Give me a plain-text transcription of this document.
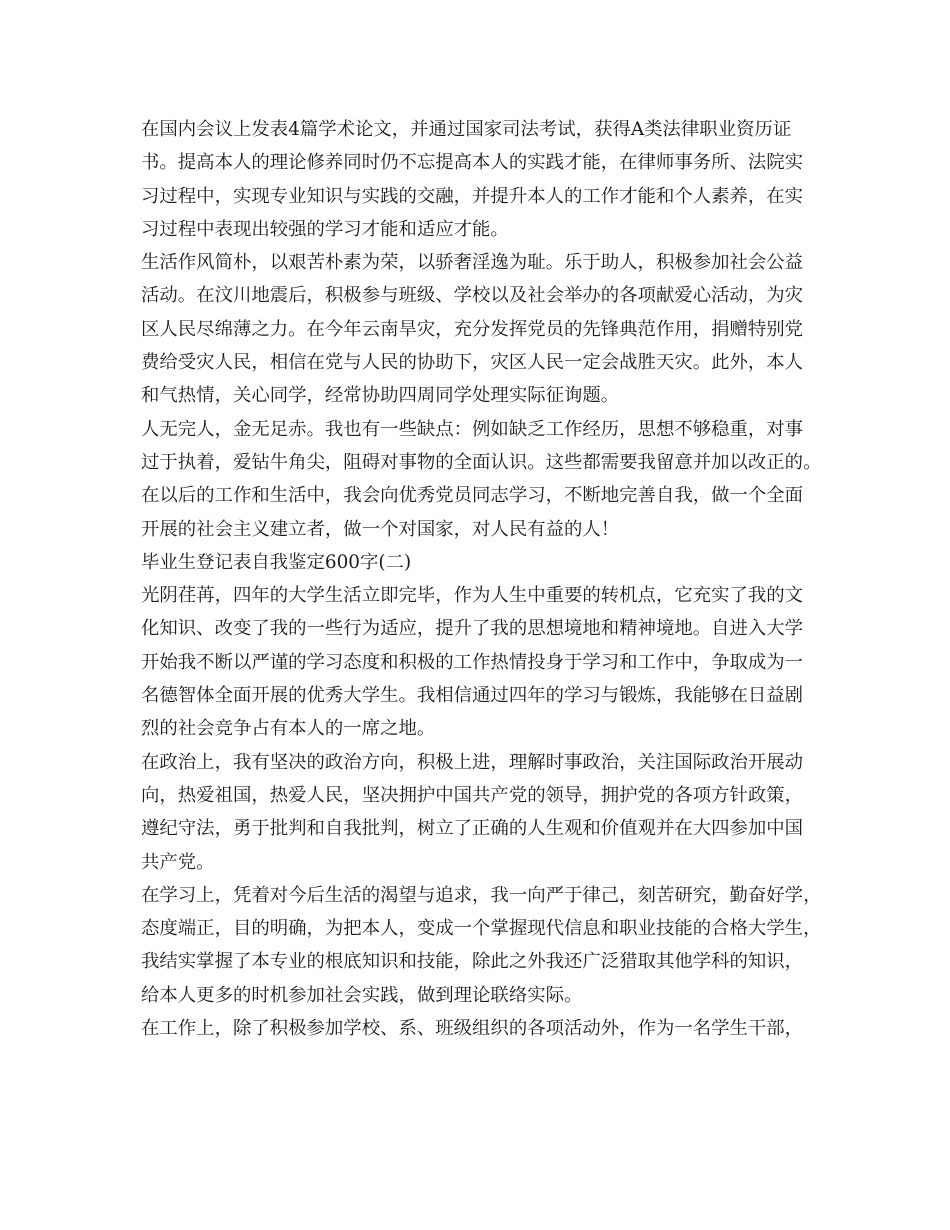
在国内会议上发表4篇学术论文，并通过国家司法考试，获得A类法律职业资历证
书。提高本人的理论修养同时仍不忘提高本人的实践才能，在律师事务所、法院实
习过程中，实现专业知识与实践的交融，并提升本人的工作才能和个人素养，在实
习过程中表现出较强的学习才能和适应才能。

生活作风简朴，以艰苦朴素为荣，以骄奢淫逸为耻。乐于助人，积极参加社会公益
活动。在汶川地震后，积极参与班级、学校以及社会举办的各项献爱心活动，为灾
区人民尽绵薄之力。在今年云南旱灾，充分发挥党员的先锋典范作用，捐赠特别党
费给受灾人民，相信在党与人民的协助下，灾区人民一定会战胜天灾。此外，本人
和气热情，关心同学，经常协助四周同学处理实际征询题。

人无完人，金无足赤。我也有一些缺点：例如缺乏工作经历，思想不够稳重，对事
过于执着，爱钻牛角尖，阻碍对事物的全面认识。这些都需要我留意并加以改正的。
在以后的工作和生活中，我会向优秀党员同志学习，不断地完善自我，做一个全面
开展的社会主义建立者，做一个对国家，对人民有益的人！

毕业生登记表自我鉴定600字(二)

光阴荏苒，四年的大学生活立即完毕，作为人生中重要的转机点，它充实了我的文
化知识、改变了我的一些行为适应，提升了我的思想境地和精神境地。自进入大学
开始我不断以严谨的学习态度和积极的工作热情投身于学习和工作中，争取成为一
名德智体全面开展的优秀大学生。我相信通过四年的学习与锻炼，我能够在日益剧
烈的社会竞争占有本人的一席之地。

在政治上，我有坚决的政治方向，积极上进，理解时事政治，关注国际政治开展动
向，热爱祖国，热爱人民，坚决拥护中国共产党的领导，拥护党的各项方针政策，
遵纪守法，勇于批判和自我批判，树立了正确的人生观和价值观并在大四参加中国
共产党。

在学习上，凭着对今后生活的渴望与追求，我一向严于律己，刻苦研究，勤奋好学，
态度端正，目的明确，为把本人，变成一个掌握现代信息和职业技能的合格大学生，
我结实掌握了本专业的根底知识和技能，除此之外我还广泛猎取其他学科的知识，
给本人更多的时机参加社会实践，做到理论联络实际。

在工作上，除了积极参加学校、系、班级组织的各项活动外，作为一名学生干部，
